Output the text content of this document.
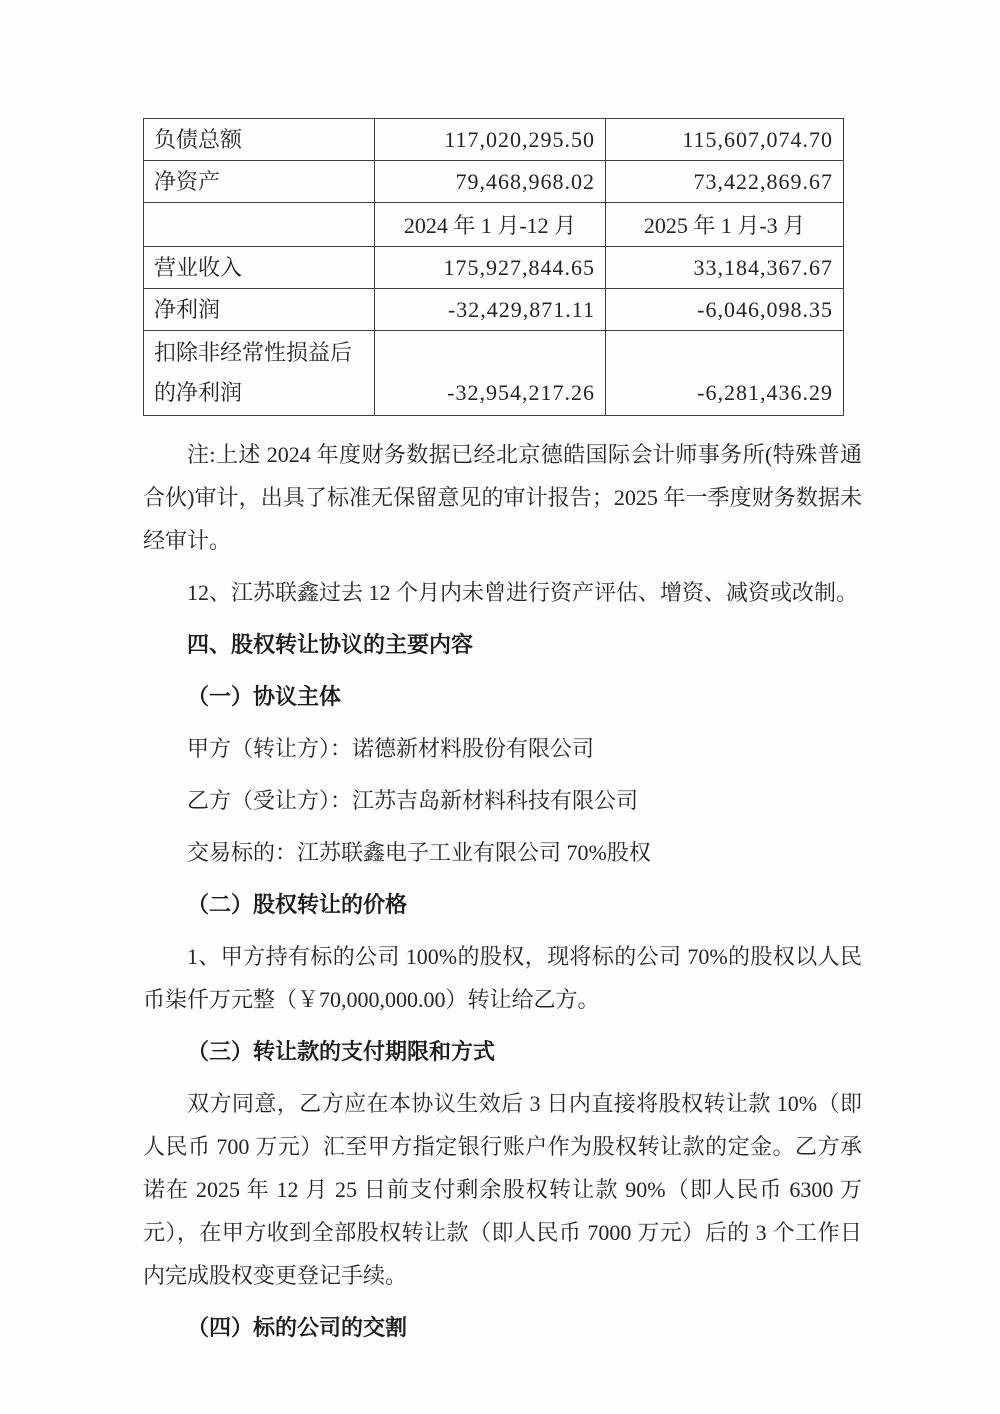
负债总额	117,020,295.50	115,607,074.70
净资产	79,468,968.02	73,422,869.67
	2024 年 1 月-12 月	2025 年 1 月-3 月
营业收入	175,927,844.65	33,184,367.67
净利润	-32,429,871.11	-6,046,098.35
扣除非经常性损益后的净利润	-32,954,217.26	-6,281,436.29

注:上述 2024 年度财务数据已经北京德皓国际会计师事务所(特殊普通合伙)审计，出具了标准无保留意见的审计报告；2025 年一季度财务数据未经审计。

12、江苏联鑫过去 12 个月内未曾进行资产评估、增资、减资或改制。

四、股权转让协议的主要内容

（一）协议主体

甲方（转让方）：诺德新材料股份有限公司

乙方（受让方）：江苏吉岛新材料科技有限公司

交易标的：江苏联鑫电子工业有限公司 70%股权

（二）股权转让的价格

1、甲方持有标的公司 100%的股权，现将标的公司 70%的股权以人民币柒仟万元整（￥70,000,000.00）转让给乙方。

（三）转让款的支付期限和方式

双方同意，乙方应在本协议生效后 3 日内直接将股权转让款 10%（即人民币 700 万元）汇至甲方指定银行账户作为股权转让款的定金。乙方承诺在 2025 年 12 月 25 日前支付剩余股权转让款 90%（即人民币 6300 万元），在甲方收到全部股权转让款（即人民币 7000 万元）后的 3 个工作日内完成股权变更登记手续。

（四）标的公司的交割
